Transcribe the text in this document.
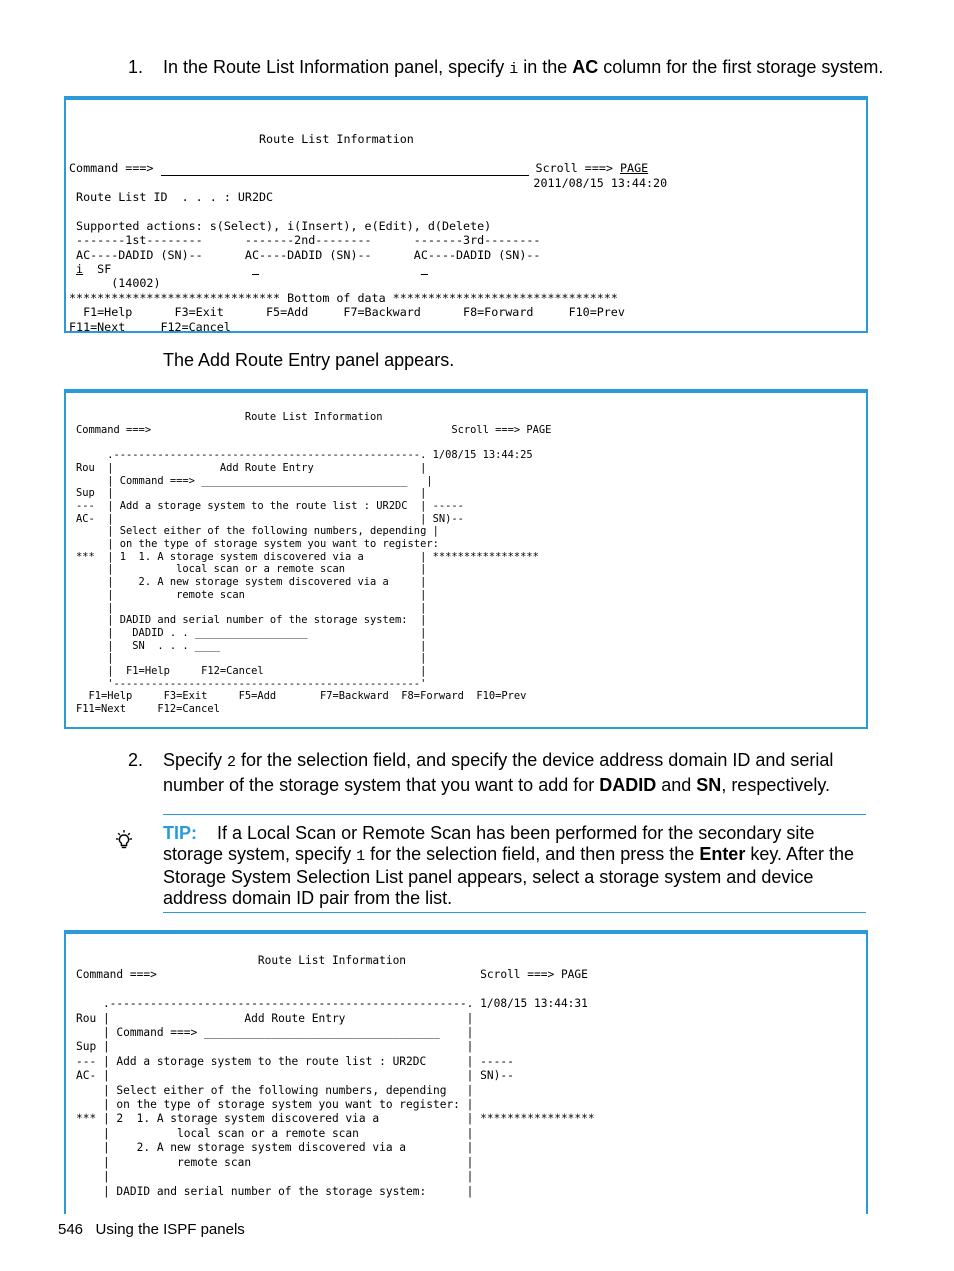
1. In the Route List Information panel, specify i in the AC column for the first storage system.

Route List Information

Command ===>	Scroll ===> PAGE
2011/08/15 13:44:20
Route List ID  . . . : UR2DC

Supported actions: s(Select), i(Insert), e(Edit), d(Delete)
-------1st--------      -------2nd--------      -------3rd--------
AC----DADID (SN)--      AC----DADID (SN)--      AC----DADID (SN)--
i SF
(14002)
****************************** Bottom of data ********************************
F1=Help      F3=Exit      F5=Add     F7=Backward      F8=Forward     F10=Prev
F11=Next     F12=Cancel
The Add Route Entry panel appears.
Route List Information
Command ===>                                                Scroll ===> PAGE

.-------------------------------------------------. 1/08/15 13:44:25
Rou  |                 Add Route Entry                 |
| Command ===> _________________________________   |
Sup  |                                                 |
---  | Add a storage system to the route list : UR2DC  | -----
AC-  |                                                 | SN)--
| Select either of the following numbers, depending |
| on the type of storage system you want to register:
***  | 1  1. A storage system discovered via a         | *****************
|          local scan or a remote scan            |
|    2. A new storage system discovered via a     |
|          remote scan                            |
|                                                 |
| DADID and serial number of the storage system:  |
|   DADID . . __________________                  |
|   SN  . . . ____                                |
|                                                 |
|  F1=Help     F12=Cancel                         |
'-------------------------------------------------'
F1=Help     F3=Exit     F5=Add       F7=Backward  F8=Forward  F10=Prev
F11=Next     F12=Cancel
2. Specify 2 for the selection field, and specify the device address domain ID and serial number of the storage system that you want to add for DADID and SN, respectively.
TIP: If a Local Scan or Remote Scan has been performed for the secondary site storage system, specify 1 for the selection field, and then press the Enter key. After the Storage System Selection List panel appears, select a storage system and device address domain ID pair from the list.
Route List Information
Command ===>                                                Scroll ===> PAGE

.-----------------------------------------------------. 1/08/15 13:44:31
Rou |                    Add Route Entry                  |
| Command ===> ___________________________________    |
Sup |                                                     |
--- | Add a storage system to the route list : UR2DC      | -----
AC- |                                                     | SN)--
| Select either of the following numbers, depending   |
| on the type of storage system you want to register: |
*** | 2  1. A storage system discovered via a             | *****************
|          local scan or a remote scan                |
|    2. A new storage system discovered via a         |
|          remote scan                                |
|                                                     |
| DADID and serial number of the storage system:      |
546 Using the ISPF panels
